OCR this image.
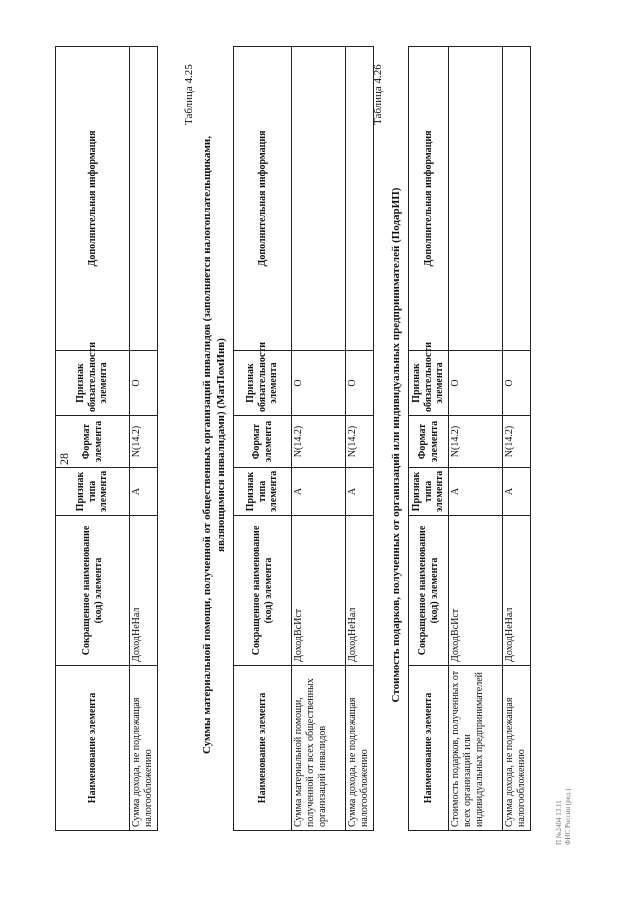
28
Наименование элемента	Сокращенное наименование (код) элемента	Признак типа элемента	Формат элемента	Признак обязательности элемента	Дополнительная информация
Сумма дохода, не подлежащая налогообложению	ДоходНеНал	А	N(14.2)	О	
Таблица 4.25
Суммы материальной помощи, полученной от общественных организаций инвалидов (заполняется налогоплательщиками, являющимися инвалидами) (МатПомИнв)
Наименование элемента	Сокращенное наименование (код) элемента	Признак типа элемента	Формат элемента	Признак обязательности элемента	Дополнительная информация
Сумма материальной помощи, полученной от всех общественных организаций инвалидов	ДоходВсИст	А	N(14.2)	О	
Сумма дохода, не подлежащая налогообложению	ДоходНеНал	А	N(14.2)	О	
Таблица 4.26
Стоимость подарков, полученных от организаций или индивидуальных предпринимателей (ПодарИП)
Наименование элемента	Сокращенное наименование (код) элемента	Признак типа элемента	Формат элемента	Признак обязательности элемента	Дополнительная информация
Стоимость подарков, полученных от всех организаций или индивидуальных предпринимателей	ДоходВсИст	А	N(14.2)	О	
Сумма дохода, не подлежащая налогообложению	ДоходНеНал	А	N(14.2)	О	
П №2404 13.11 ФНС России (ред.)
